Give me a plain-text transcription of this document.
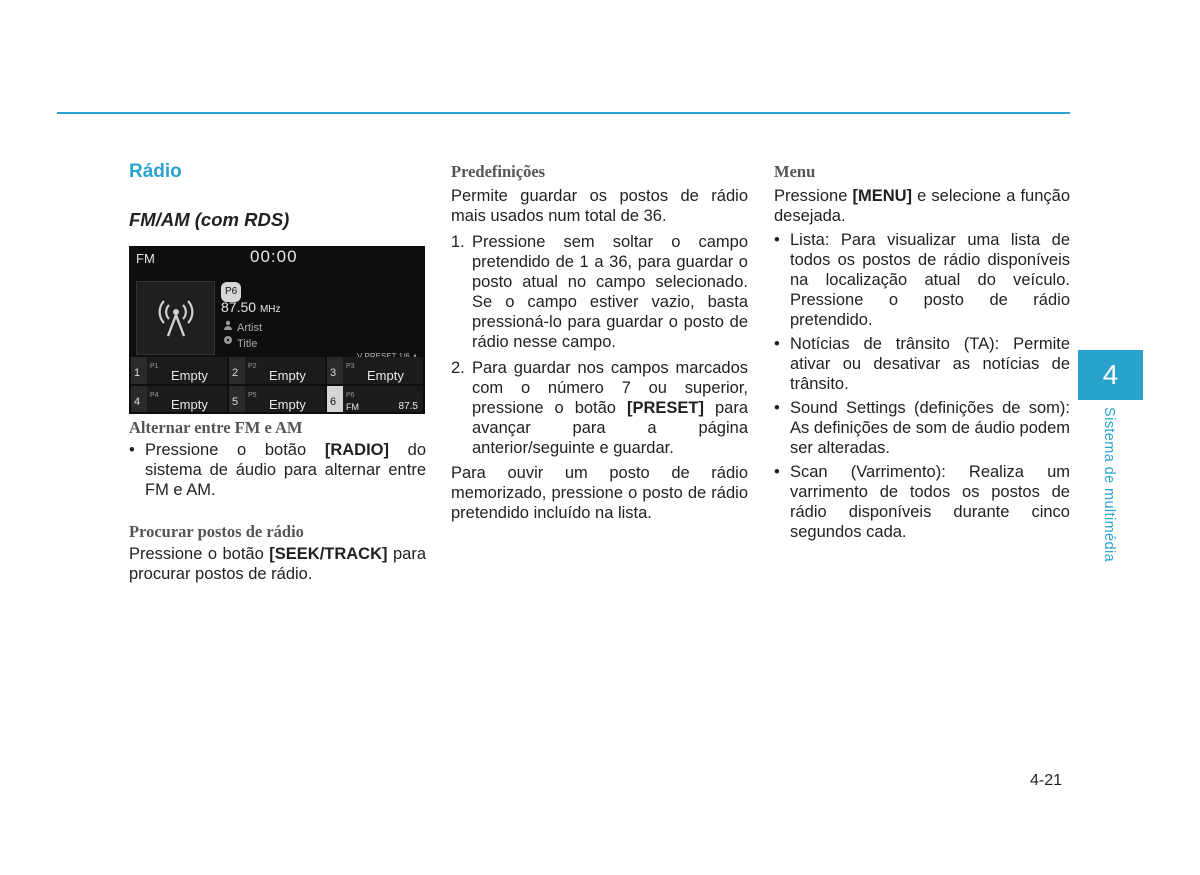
Rádio
FM/AM (com RDS)
FM	00:00
P6
87.50 MHz
Artist
Title
1
P1
Empty 2
P2
Empty 3
P3
Empty
4
P4
Empty 5
P5
Empty 6
P6
FM	87.5
Alternar entre FM e AM
• Pressione o botão [RADIO] do sistema de áudio para alternar entre FM e AM.
Procurar postos de rádio

Pressione o botão [SEEK/TRACK] para procurar postos de rádio.

Predefinições

Permite guardar os postos de rádio mais usados num total de 36.

1. Pressione sem soltar o campo pretendido de 1 a 36, para guardar o posto atual no campo selecionado. Se o campo estiver vazio, basta pressioná-lo para guardar o posto de rádio nesse campo.
2. Para guardar nos campos marcados com o número 7 ou superior, pressione o botão [PRESET] para avançar para a página anterior/seguinte e guardar.

Para ouvir um posto de rádio memorizado, pressione o posto de rádio pretendido incluído na lista.

Menu

Pressione [MENU] e selecione a função desejada.

• Lista: Para visualizar uma lista de todos os postos de rádio disponíveis na localização atual do veículo. Pressione o posto de rádio pretendido.
• Notícias de trânsito (TA): Permite ativar ou desativar as notícias de trânsito.
• Sound Settings (definições de som): As definições de som de áudio podem ser alteradas.
• Scan (Varrimento): Realiza um varrimento de todos os postos de rádio disponíveis durante cinco segundos cada.
4
Sistema de multimédia
4-21
